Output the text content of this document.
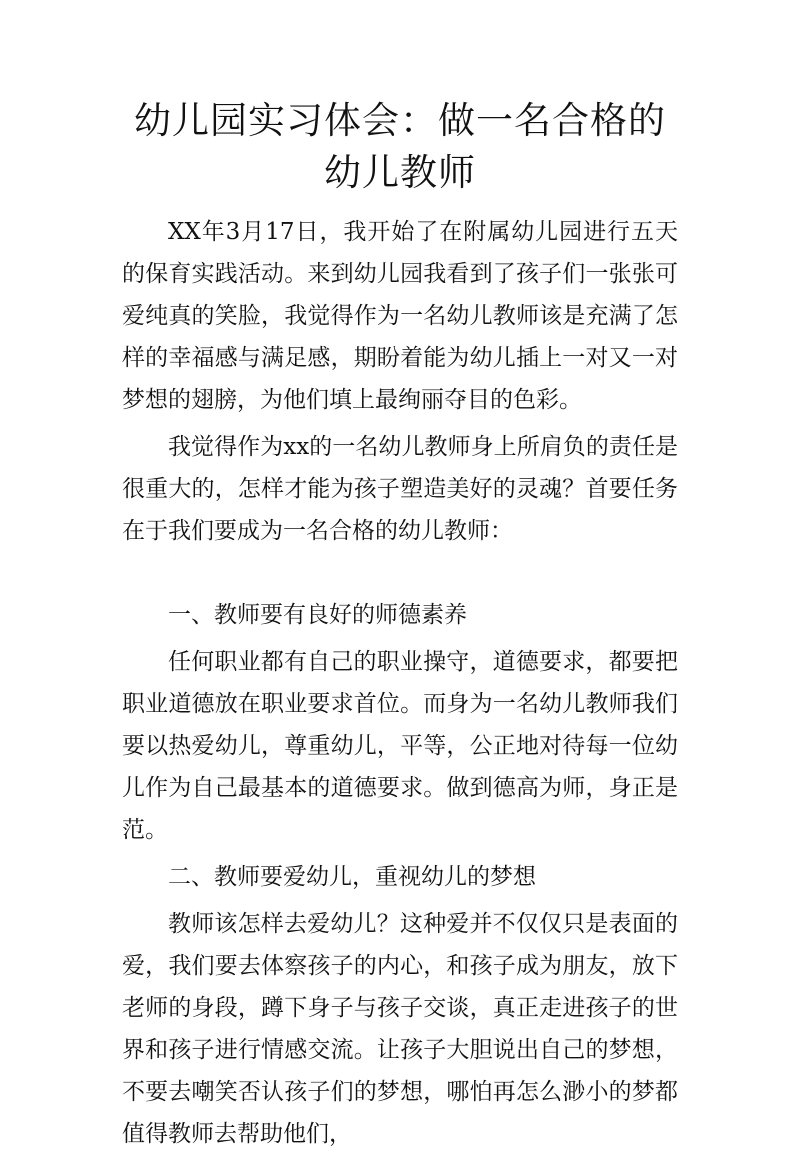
幼儿园实习体会：做一名合格的幼儿教师

XX年3月17日，我开始了在附属幼儿园进行五天的保育实践活动。来到幼儿园我看到了孩子们一张张可爱纯真的笑脸，我觉得作为一名幼儿教师该是充满了怎样的幸福感与满足感，期盼着能为幼儿插上一对又一对梦想的翅膀，为他们填上最绚丽夺目的色彩。

我觉得作为xx的一名幼儿教师身上所肩负的责任是很重大的，怎样才能为孩子塑造美好的灵魂？首要任务在于我们要成为一名合格的幼儿教师：

一、教师要有良好的师德素养

任何职业都有自己的职业操守，道德要求，都要把职业道德放在职业要求首位。而身为一名幼儿教师我们要以热爱幼儿，尊重幼儿，平等，公正地对待每一位幼儿作为自己最基本的道德要求。做到德高为师，身正是范。

二、教师要爱幼儿，重视幼儿的梦想

教师该怎样去爱幼儿？这种爱并不仅仅只是表面的爱，我们要去体察孩子的内心，和孩子成为朋友，放下老师的身段，蹲下身子与孩子交谈，真正走进孩子的世界和孩子进行情感交流。让孩子大胆说出自己的梦想，不要去嘲笑否认孩子们的梦想，哪怕再怎么渺小的梦都值得教师去帮助他们，
